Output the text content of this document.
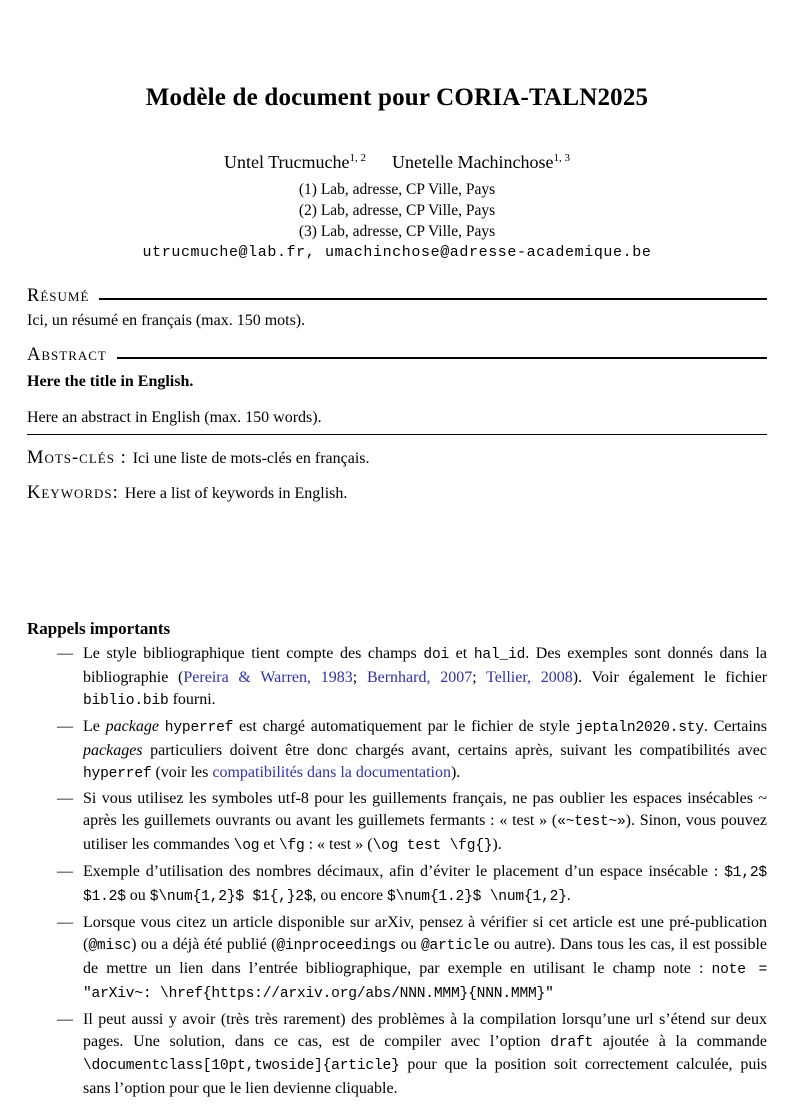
Modèle de document pour CORIA-TALN2025
Untel Trucmuche$^{1, 2}$ Unetelle Machinchose$^{1, 3}$
(1) Lab, adresse, CP Ville, Pays
(2) Lab, adresse, CP Ville, Pays
(3) Lab, adresse, CP Ville, Pays
utrucmuche@lab.fr, umachinchose@adresse-academique.be
Résumé

Ici, un résumé en français (max. 150 mots).

Abstract

Here the title in English.

Here an abstract in English (max. 150 words).

Mots-clés : Ici une liste de mots-clés en français.
Keywords: Here a list of keywords in English.
Rappels importants
— Le style bibliographique tient compte des champs doi et hal_id. Des exemples sont donnés dans la bibliographie (Pereira & Warren, 1983; Bernhard, 2007; Tellier, 2008). Voir également le fichier biblio.bib fourni.
— Le package hyperref est chargé automatiquement par le fichier de style jeptaln2020.sty. Certains packages particuliers doivent être donc chargés avant, certains après, suivant les compatibilités avec hyperref (voir les compatibilités dans la documentation).
— Si vous utilisez les symboles utf-8 pour les guillements français, ne pas oublier les espaces insécables ~ après les guillemets ouvrants ou avant les guillemets fermants : « test » («~test~»). Sinon, vous pouvez utiliser les commandes \og et \fg : « test » (\og test \fg{}).
— Exemple d’utilisation des nombres décimaux, afin d’éviter le placement d’un espace insécable : $1,2$ $1.2$ ou $\num{1,2}$ $1{,}2$, ou encore $\num{1.2}$ \num{1,2}.
— Lorsque vous citez un article disponible sur arXiv, pensez à vérifier si cet article est une pré-publication (@misc) ou a déjà été publié (@inproceedings ou @article ou autre). Dans tous les cas, il est possible de mettre un lien dans l’entrée bibliographique, par exemple en utilisant le champ note : note = "arXiv~: \href{https://arxiv.org/abs/NNN.MMM}{NNN.MMM}"
— Il peut aussi y avoir (très très rarement) des problèmes à la compilation lorsqu’une url s’étend sur deux pages. Une solution, dans ce cas, est de compiler avec l’option draft ajoutée à la commande \documentclass[10pt,twoside]{article} pour que la position soit correctement calculée, puis sans l’option pour que le lien devienne cliquable.
